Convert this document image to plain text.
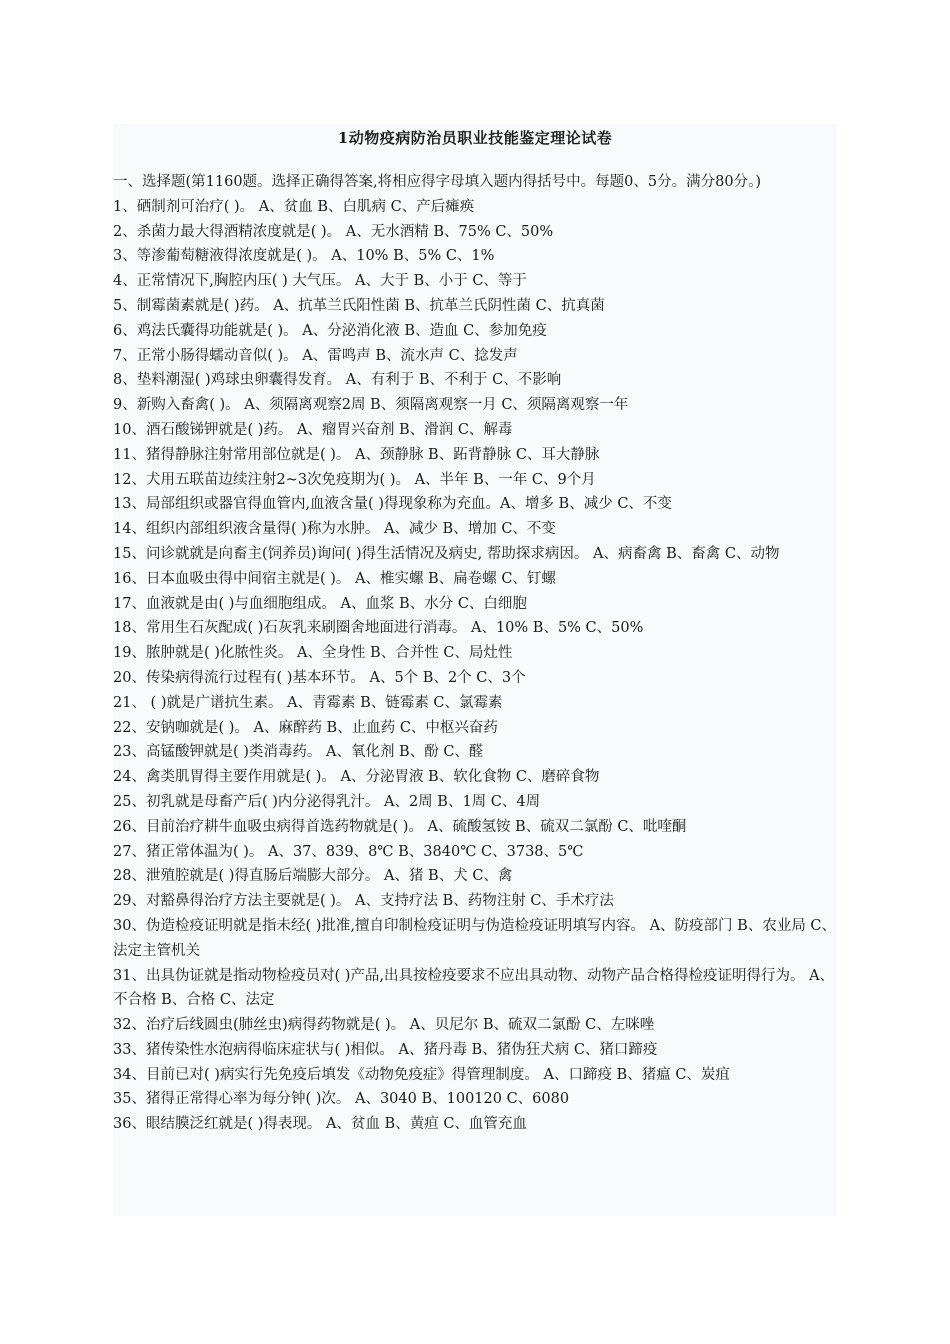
1动物疫病防治员职业技能鉴定理论试卷

一、选择题(第1160题。选择正确得答案,将相应得字母填入题内得括号中。每题0、5分。满分80分。)

1、硒制剂可治疗( )。 A、贫血 B、白肌病 C、产后瘫痪
2、杀菌力最大得酒精浓度就是( )。 A、无水酒精 B、75% C、50%
3、等渗葡萄糖液得浓度就是( )。 A、10% B、5% C、1%
4、正常情况下,胸腔内压( ) 大气压。 A、大于 B、小于 C、等于
5、制霉菌素就是( )药。 A、抗革兰氏阳性菌 B、抗革兰氏阴性菌 C、抗真菌
6、鸡法氏囊得功能就是( )。 A、分泌消化液 B、造血 C、参加免疫
7、正常小肠得蠕动音似( )。 A、雷鸣声 B、流水声 C、捻发声
8、垫料潮湿( )鸡球虫卵囊得发育。 A、有利于 B、不利于 C、不影响
9、新购入畜禽( )。 A、须隔离观察2周 B、须隔离观察一月 C、须隔离观察一年
10、酒石酸锑钾就是( )药。 A、瘤胃兴奋剂 B、滑润 C、解毒
11、猪得静脉注射常用部位就是( )。 A、颈静脉 B、跖背静脉 C、耳大静脉
12、犬用五联苗边续注射2~3次免疫期为( )。 A、半年 B、一年 C、9个月
13、局部组织或器官得血管内,血液含量( )得现象称为充血。A、增多 B、减少 C、不变
14、组织内部组织液含量得( )称为水肿。 A、减少 B、增加 C、不变
15、问诊就就是向畜主(饲养员)询问( )得生活情况及病史, 帮助探求病因。 A、病畜禽 B、畜禽 C、动物
16、日本血吸虫得中间宿主就是( )。 A、椎实螺 B、扁卷螺 C、钉螺
17、血液就是由( )与血细胞组成。 A、血浆 B、水分 C、白细胞
18、常用生石灰配成( )石灰乳来刷圈舍地面进行消毒。 A、10% B、5% C、50%
19、脓肿就是( )化脓性炎。 A、全身性 B、合并性 C、局灶性
20、传染病得流行过程有( )基本环节。 A、5个 B、2个 C、3个
21、 ( )就是广谱抗生素。 A、青霉素 B、链霉素 C、氯霉素
22、安钠咖就是( )。 A、麻醉药 B、止血药 C、中枢兴奋药
23、高锰酸钾就是( )类消毒药。 A、氧化剂 B、酚 C、醛
24、禽类肌胃得主要作用就是( )。 A、分泌胃液 B、软化食物 C、磨碎食物
25、初乳就是母畜产后( )内分泌得乳汁。 A、2周 B、1周 C、4周
26、目前治疗耕牛血吸虫病得首选药物就是( )。 A、硫酸氢铵 B、硫双二氯酚 C、吡喹酮
27、猪正常体温为( )。 A、37、839、8℃ B、3840℃ C、3738、5℃
28、泄殖腔就是( )得直肠后端膨大部分。 A、猪 B、犬 C、禽
29、对豁鼻得治疗方法主要就是( )。 A、支持疗法 B、药物注射 C、手术疗法
30、伪造检疫证明就是指未经( )批准,擅自印制检疫证明与伪造检疫证明填写内容。 A、防疫部门 B、农业局 C、法定主管机关
31、出具伪证就是指动物检疫员对( )产品,出具按检疫要求不应出具动物、动物产品合格得检疫证明得行为。 A、不合格 B、合格 C、法定
32、治疗后线圆虫(肺丝虫)病得药物就是( )。 A、贝尼尔 B、硫双二氯酚 C、左咪唑
33、猪传染性水泡病得临床症状与( )相似。 A、猪丹毒 B、猪伪狂犬病 C、猪口蹄疫
34、目前已对( )病实行先免疫后填发《动物免疫症》得管理制度。 A、口蹄疫 B、猪瘟 C、炭疽
35、猪得正常得心率为每分钟( )次。 A、3040 B、100120 C、6080
36、眼结膜泛红就是( )得表现。 A、贫血 B、黄疸 C、血管充血
